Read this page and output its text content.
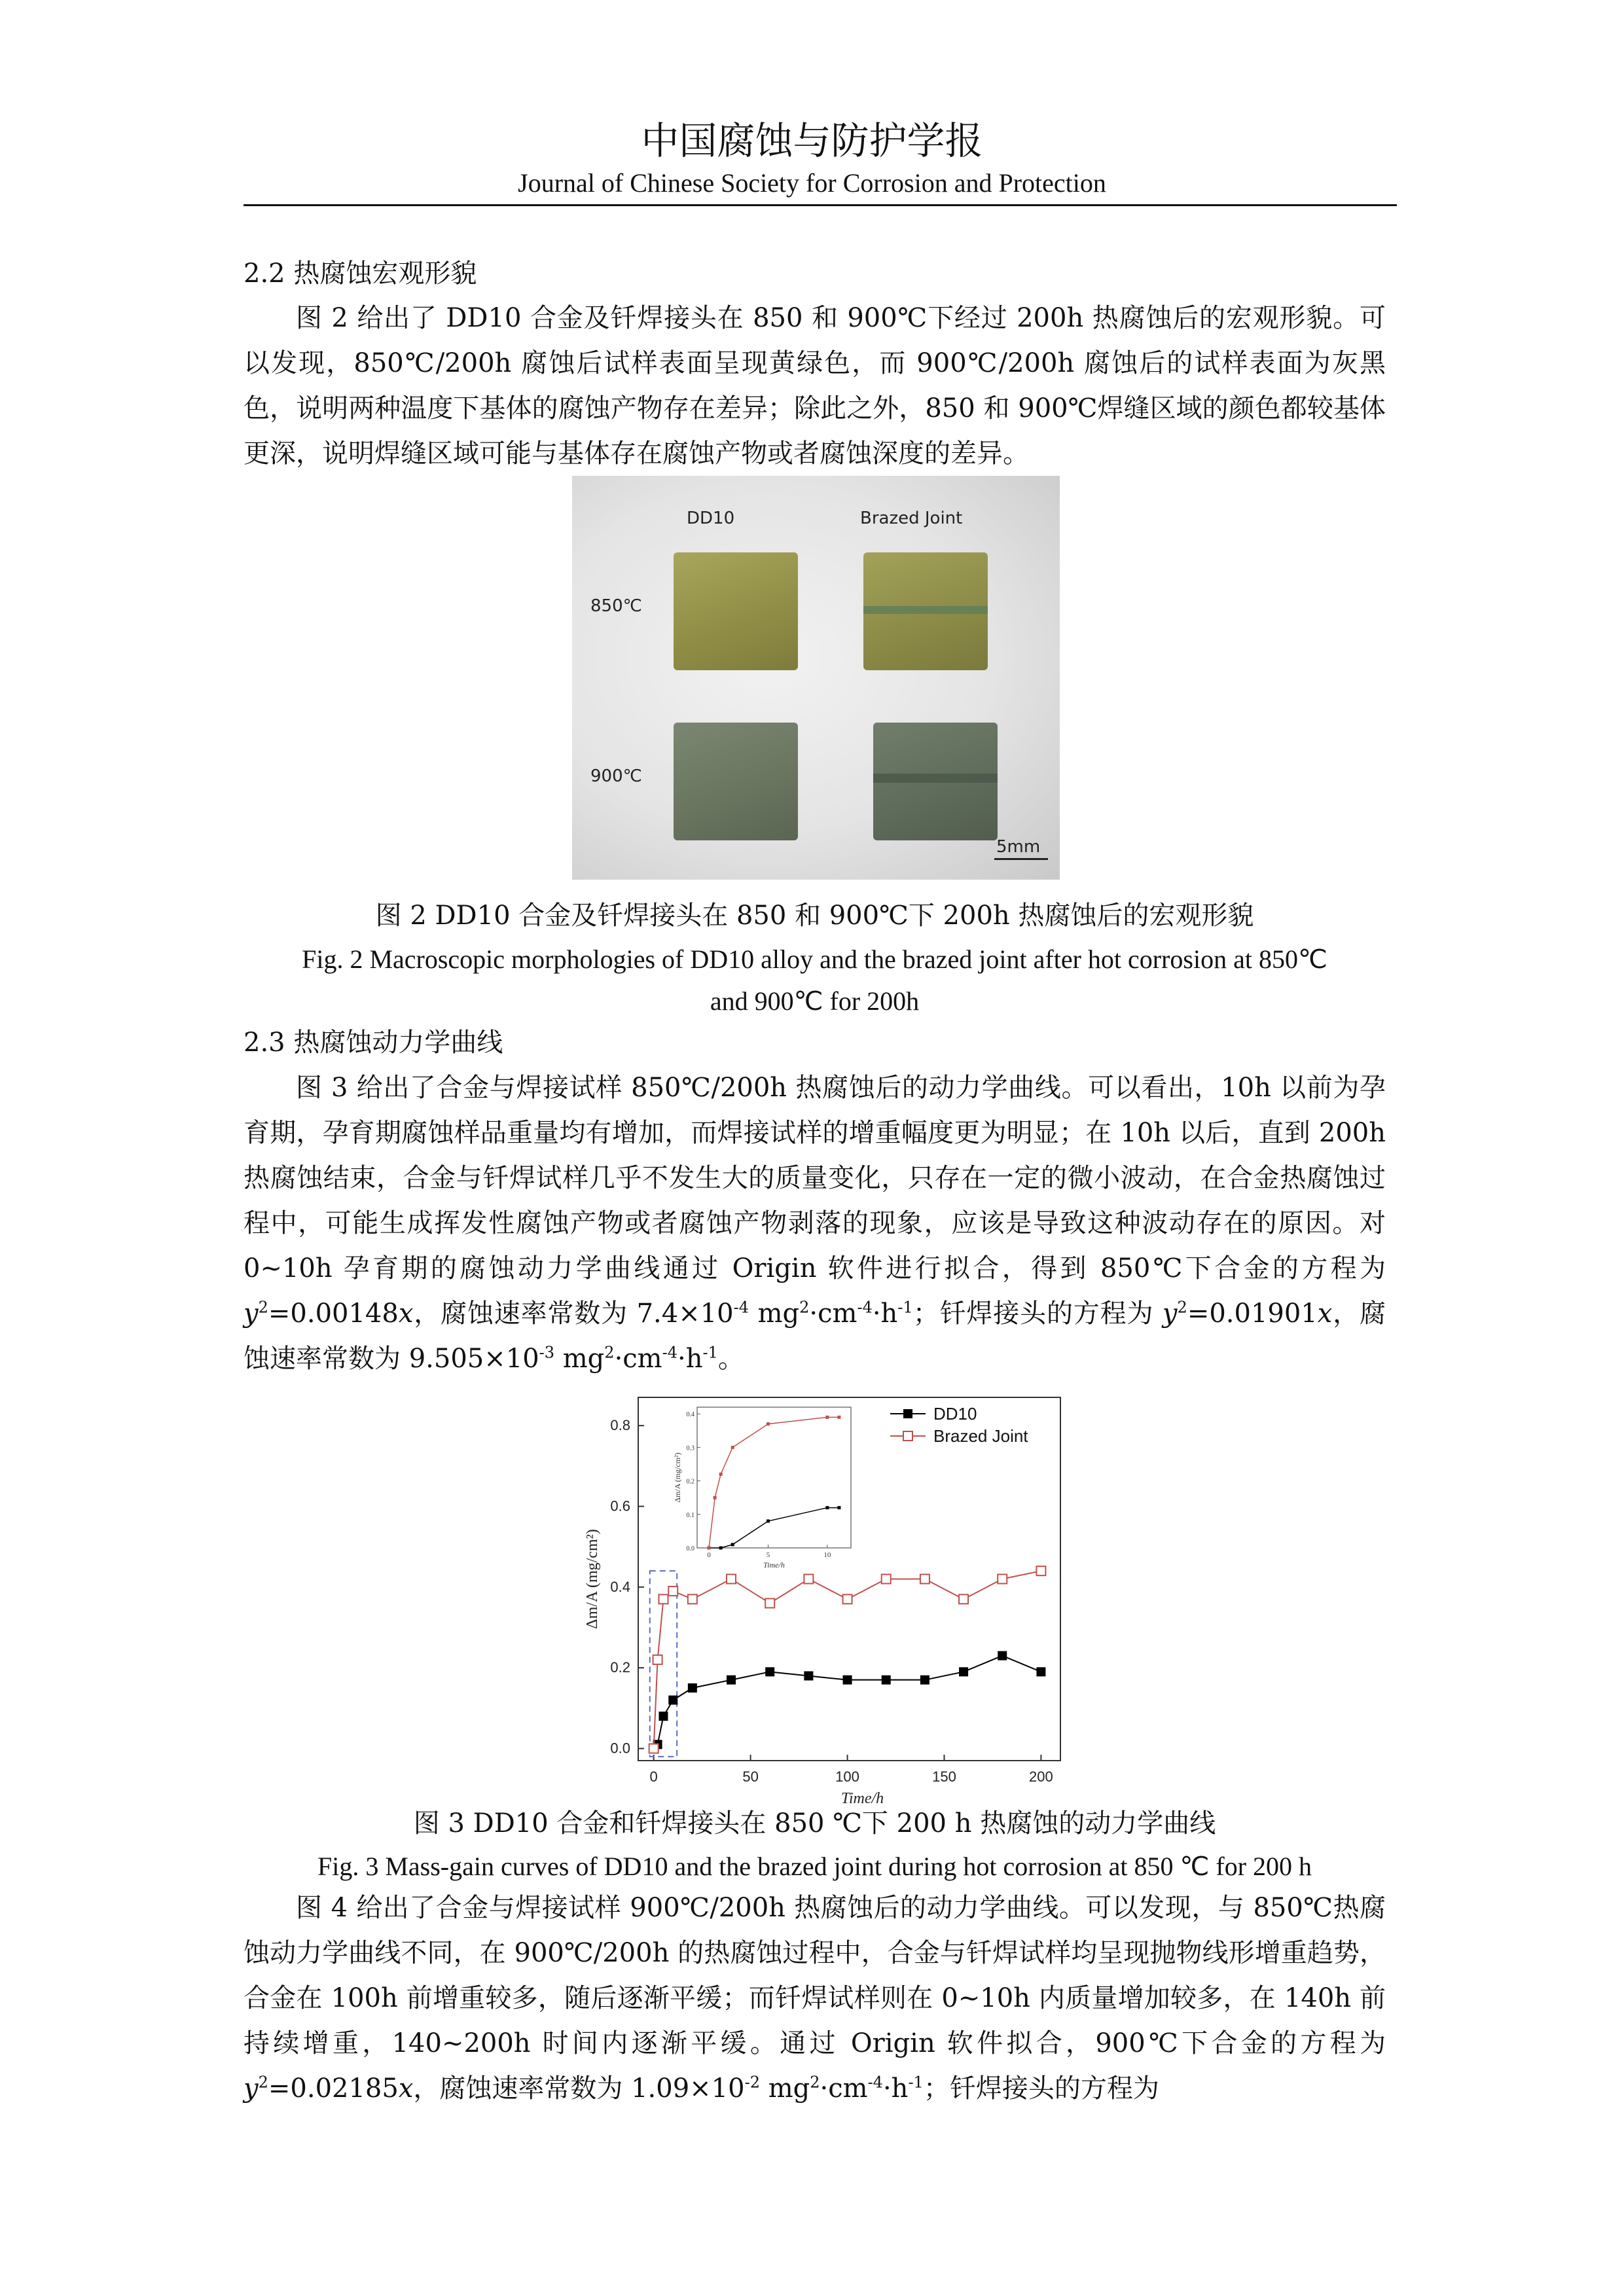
中国腐蚀与防护学报
Journal of Chinese Society for Corrosion and Protection
2.2 热腐蚀宏观形貌

图 2 给出了 DD10 合金及钎焊接头在 850 和 900℃下经过 200h 热腐蚀后的宏观形貌。可以发现，850℃/200h 腐蚀后试样表面呈现黄绿色，而 900℃/200h 腐蚀后的试样表面为灰黑色，说明两种温度下基体的腐蚀产物存在差异；除此之外，850 和 900℃焊缝区域的颜色都较基体更深，说明焊缝区域可能与基体存在腐蚀产物或者腐蚀深度的差异。

DD10	Brazed Joint
850℃
900℃
5mm
图 2 DD10 合金及钎焊接头在 850 和 900℃下 200h 热腐蚀后的宏观形貌
Fig. 2 Macroscopic morphologies of DD10 alloy and the brazed joint after hot corrosion at 850℃
and 900℃ for 200h
2.3 热腐蚀动力学曲线

图 3 给出了合金与焊接试样 850℃/200h 热腐蚀后的动力学曲线。可以看出，10h 以前为孕育期，孕育期腐蚀样品重量均有增加，而焊接试样的增重幅度更为明显；在 10h 以后，直到 200h 热腐蚀结束，合金与钎焊试样几乎不发生大的质量变化，只存在一定的微小波动，在合金热腐蚀过程中，可能生成挥发性腐蚀产物或者腐蚀产物剥落的现象，应该是导致这种波动存在的原因。对 0~10h 孕育期的腐蚀动力学曲线通过 Origin 软件进行拟合，得到 850℃下合金的方程为 $y^2=0.00148x$，腐蚀速率常数为 $7.4\times 10^{-4}$ $mg^2\cdot cm^{-4}\cdot h^{-1}$；钎焊接头的方程为 $y^2=0.01901x$，腐蚀速率常数为 $9.505\times 10^{-3}$ $mg^2\cdot cm^{-4}\cdot h^{-1}$。

0	50	100	150	200
0.0
0.2
0.4
0.6
0.8
Time/h
Δm/A (mg/cm²)
DD10
Brazed Joint
0	5	10
0.0
0.1
0.2
0.3
0.4
Time/h
Δm/A (mg/cm²)
图 3 DD10 合金和钎焊接头在 850 ℃下 200 h 热腐蚀的动力学曲线
Fig. 3 Mass-gain curves of DD10 and the brazed joint during hot corrosion at 850 ℃ for 200 h

图 4 给出了合金与焊接试样 900℃/200h 热腐蚀后的动力学曲线。可以发现，与 850℃热腐蚀动力学曲线不同，在 900℃/200h 的热腐蚀过程中，合金与钎焊试样均呈现抛物线形增重趋势，合金在 100h 前增重较多，随后逐渐平缓；而钎焊试样则在 0~10h 内质量增加较多，在 140h 前持续增重，140~200h 时间内逐渐平缓。通过 Origin 软件拟合，900℃下合金的方程为 $y^2=0.02185x$，腐蚀速率常数为 $1.09\times 10^{-2}$ $mg^2\cdot cm^{-4}\cdot h^{-1}$；钎焊接头的方程为
